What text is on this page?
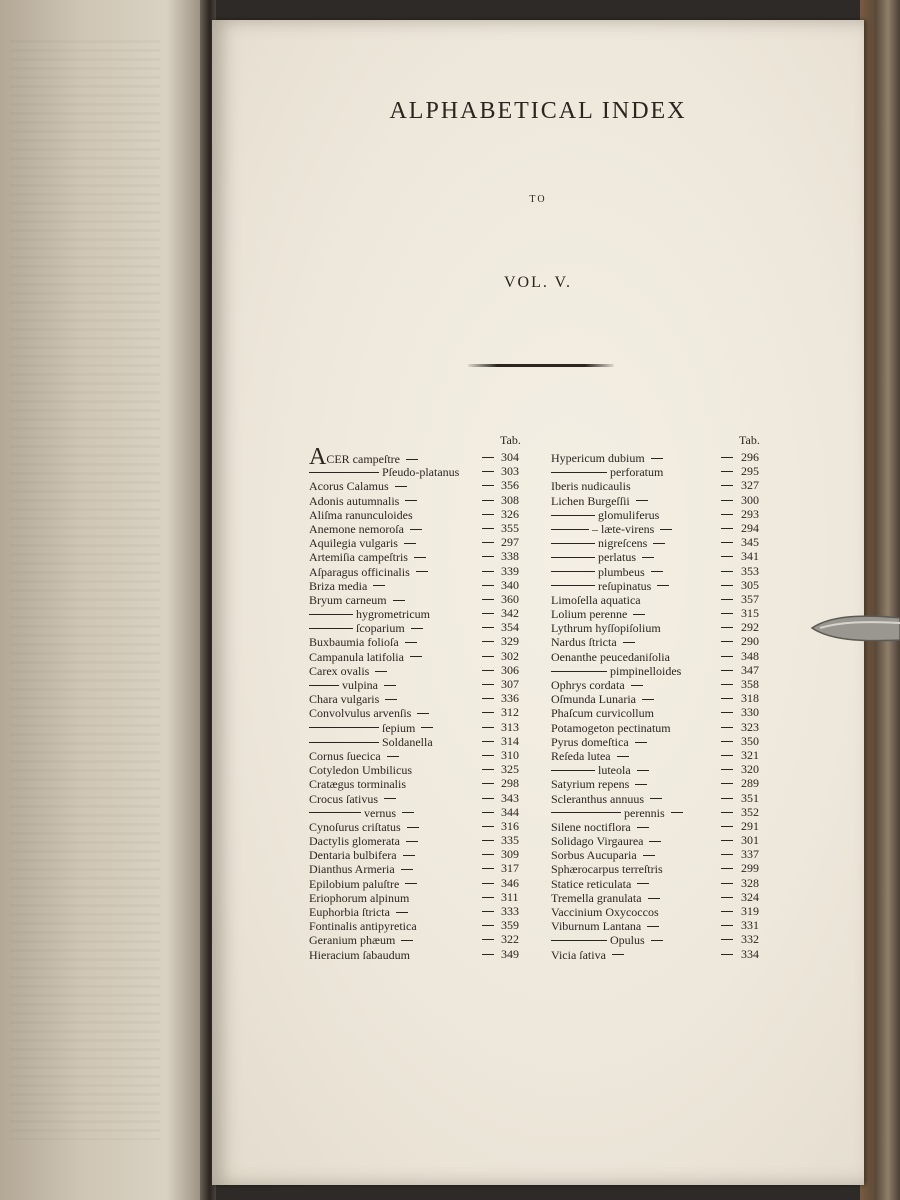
ALPHABETICAL INDEX
TO
VOL. V.
Tab.
ACER campeſtre	304
Pſeudo-platanus	303
Acorus Calamus	356
Adonis autumnalis	308
Aliſma ranunculoides	326
Anemone nemoroſa	355
Aquilegia vulgaris	297
Artemiſia campeſtris	338
Aſparagus officinalis	339
Briza media	340
Bryum carneum	360
hygrometricum	342
ſcoparium	354
Buxbaumia folioſa	329
Campanula latifolia	302
Carex ovalis	306
vulpina	307
Chara vulgaris	336
Convolvulus arvenſis	312
ſepium	313
Soldanella	314
Cornus ſuecica	310
Cotyledon Umbilicus	325
Cratægus torminalis	298
Crocus ſativus	343
vernus	344
Cynoſurus criſtatus	316
Dactylis glomerata	335
Dentaria bulbifera	309
Dianthus Armeria	317
Epilobium paluſtre	346
Eriophorum alpinum	311
Euphorbia ſtricta	333
Fontinalis antipyretica	359
Geranium phæum	322
Hieracium ſabaudum	349
Tab.
Hypericum dubium	296
perforatum	295
Iberis nudicaulis	327
Lichen Burgeſſii	300
glomuliferus	293
– læte-virens	294
nigreſcens	345
perlatus	341
plumbeus	353
reſupinatus	305
Limoſella aquatica	357
Lolium perenne	315
Lythrum hyſſopiſolium	292
Nardus ſtricta	290
Oenanthe peucedaniſolia	348
pimpinelloides	347
Ophrys cordata	358
Oſmunda Lunaria	318
Phaſcum curvicollum	330
Potamogeton pectinatum	323
Pyrus domeſtica	350
Reſeda lutea	321
luteola	320
Satyrium repens	289
Scleranthus annuus	351
perennis	352
Silene noctiflora	291
Solidago Virgaurea	301
Sorbus Aucuparia	337
Sphærocarpus terreſtris	299
Statice reticulata	328
Tremella granulata	324
Vaccinium Oxycoccos	319
Viburnum Lantana	331
Opulus	332
Vicia ſativa	334
